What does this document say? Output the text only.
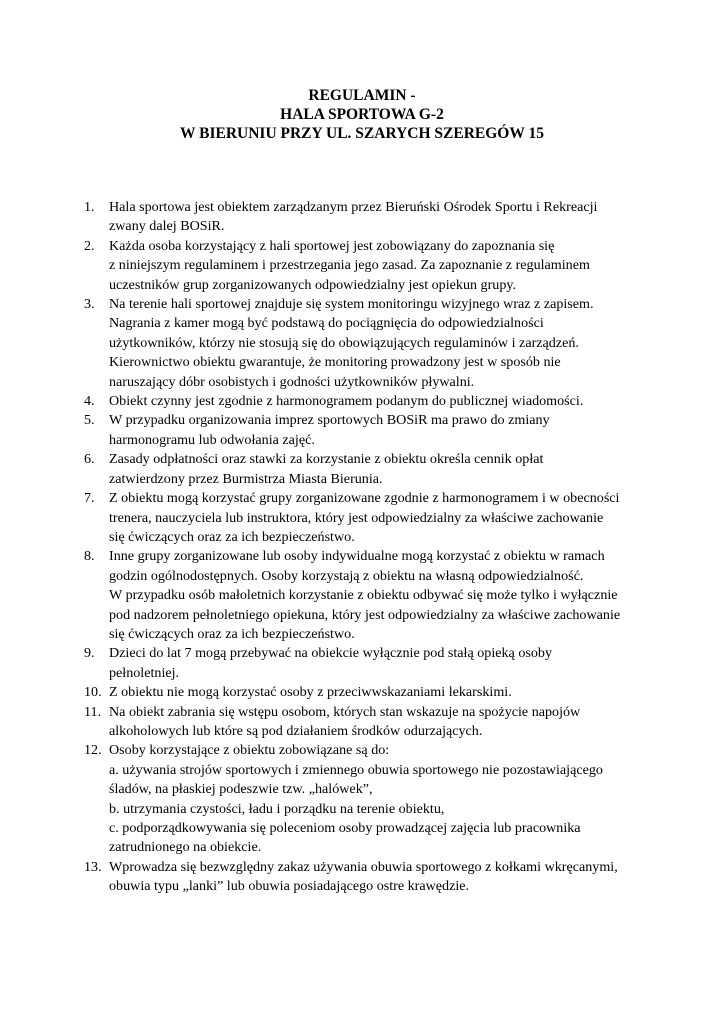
REGULAMIN -
HALA SPORTOWA G-2
W BIERUNIU PRZY UL. SZARYCH SZEREGÓW 15
1.	Hala sportowa jest obiektem zarządzanym przez Bieruński Ośrodek Sportu i Rekreacji
zwany dalej BOSiR.
2.	Każda osoba korzystający z hali sportowej jest zobowiązany do zapoznania się
z niniejszym regulaminem i przestrzegania jego zasad. Za zapoznanie z regulaminem
uczestników grup zorganizowanych odpowiedzialny jest opiekun grupy.
3.	Na terenie hali sportowej znajduje się system monitoringu wizyjnego wraz z zapisem.
Nagrania z kamer mogą być podstawą do pociągnięcia do odpowiedzialności
użytkowników, którzy nie stosują się do obowiązujących regulaminów i zarządzeń.
Kierownictwo obiektu gwarantuje, że monitoring prowadzony jest w sposób nie
naruszający dóbr osobistych i godności użytkowników pływalni.
4.	Obiekt czynny jest zgodnie z harmonogramem podanym do publicznej wiadomości.
5.	W przypadku organizowania imprez sportowych BOSiR ma prawo do zmiany
harmonogramu lub odwołania zajęć.
6.	Zasady odpłatności oraz stawki za korzystanie z obiektu określa cennik opłat
zatwierdzony przez Burmistrza Miasta Bierunia.
7.	Z obiektu mogą korzystać grupy zorganizowane zgodnie z harmonogramem i w obecności
trenera, nauczyciela lub instruktora, który jest odpowiedzialny za właściwe zachowanie
się ćwiczących oraz za ich bezpieczeństwo.
8.	Inne grupy zorganizowane lub osoby indywidualne mogą korzystać z obiektu w ramach
godzin ogólnodostępnych. Osoby korzystają z obiektu na własną odpowiedzialność.
W przypadku osób małoletnich korzystanie z obiektu odbywać się może tylko i wyłącznie
pod nadzorem pełnoletniego opiekuna, który jest odpowiedzialny za właściwe zachowanie
się ćwiczących oraz za ich bezpieczeństwo.
9.	Dzieci do lat 7 mogą przebywać na obiekcie wyłącznie pod stałą opieką osoby
pełnoletniej.
10. Z obiektu nie mogą korzystać osoby z przeciwwskazaniami lekarskimi.
11. Na obiekt zabrania się wstępu osobom, których stan wskazuje na spożycie napojów
alkoholowych lub które są pod działaniem środków odurzających.
12. Osoby korzystające z obiektu zobowiązane są do:
a. używania strojów sportowych i zmiennego obuwia sportowego nie pozostawiającego
śladów, na płaskiej podeszwie tzw. „halówek”,
b. utrzymania czystości, ładu i porządku na terenie obiektu,
c. podporządkowywania się poleceniom osoby prowadzącej zajęcia lub pracownika
zatrudnionego na obiekcie.
13. Wprowadza się bezwzględny zakaz używania obuwia sportowego z kołkami wkręcanymi,
obuwia typu „lanki” lub obuwia posiadającego ostre krawędzie.
